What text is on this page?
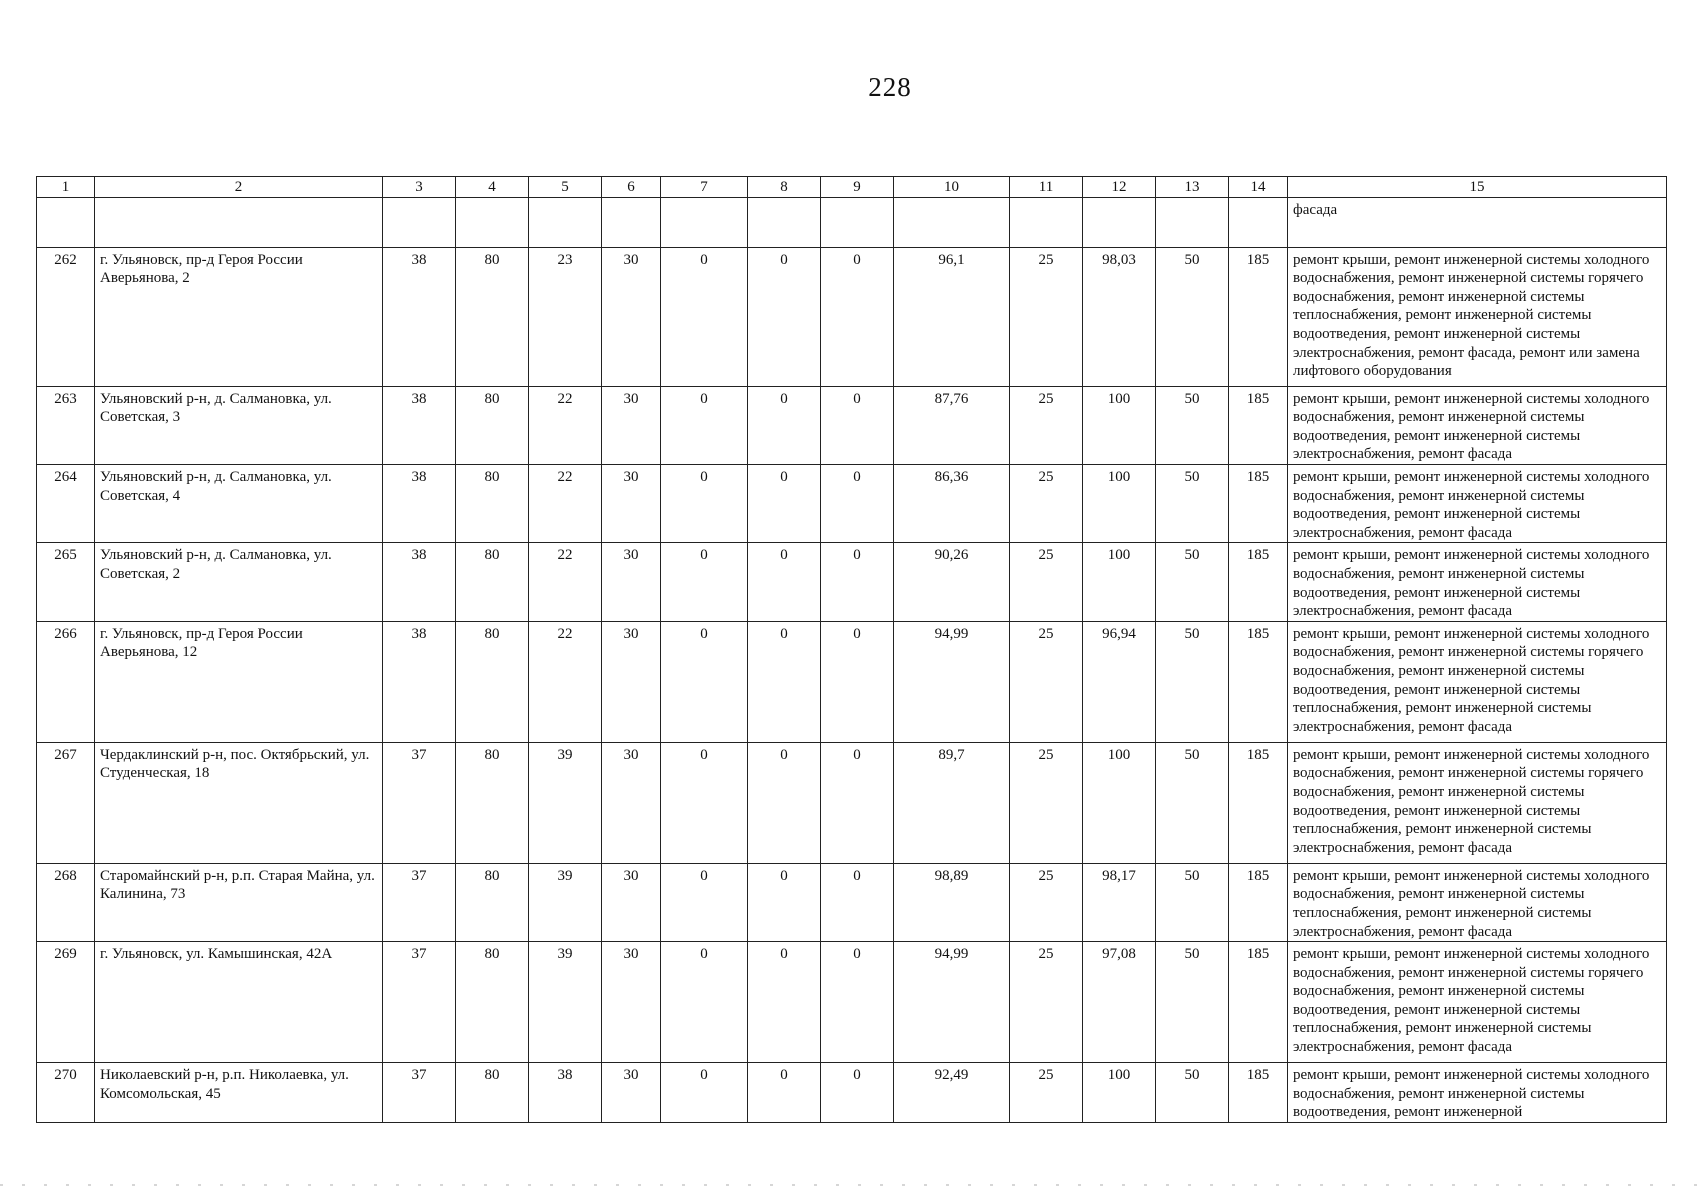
228
1	2	3	4	5	6	7	8	9	10	11	12	13	14	15
														фасада
262	г. Ульяновск, пр-д Героя России Аверьянова, 2	38	80	23	30	0	0	0	96,1	25	98,03	50	185	ремонт крыши, ремонт инженерной системы холодного водоснабжения, ремонт инженерной системы горячего водоснабжения, ремонт инженерной системы теплоснабжения, ремонт инженерной системы водоотведения, ремонт инженерной системы электроснабжения, ремонт фасада, ремонт или замена лифтового оборудования
263	Ульяновский р-н, д. Салмановка, ул. Советская, 3	38	80	22	30	0	0	0	87,76	25	100	50	185	ремонт крыши, ремонт инженерной системы холодного водоснабжения, ремонт инженерной системы водоотведения, ремонт инженерной системы электроснабжения, ремонт фасада
264	Ульяновский р-н, д. Салмановка, ул. Советская, 4	38	80	22	30	0	0	0	86,36	25	100	50	185	ремонт крыши, ремонт инженерной системы холодного водоснабжения, ремонт инженерной системы водоотведения, ремонт инженерной системы электроснабжения, ремонт фасада
265	Ульяновский р-н, д. Салмановка, ул. Советская, 2	38	80	22	30	0	0	0	90,26	25	100	50	185	ремонт крыши, ремонт инженерной системы холодного водоснабжения, ремонт инженерной системы водоотведения, ремонт инженерной системы электроснабжения, ремонт фасада
266	г. Ульяновск, пр-д Героя России Аверьянова, 12	38	80	22	30	0	0	0	94,99	25	96,94	50	185	ремонт крыши, ремонт инженерной системы холодного водоснабжения, ремонт инженерной системы горячего водоснабжения, ремонт инженерной системы водоотведения, ремонт инженерной системы теплоснабжения, ремонт инженерной системы электроснабжения, ремонт фасада
267	Чердаклинский р-н, пос. Октябрьский, ул. Студенческая, 18	37	80	39	30	0	0	0	89,7	25	100	50	185	ремонт крыши, ремонт инженерной системы холодного водоснабжения, ремонт инженерной системы горячего водоснабжения, ремонт инженерной системы водоотведения, ремонт инженерной системы теплоснабжения, ремонт инженерной системы электроснабжения, ремонт фасада
268	Старомайнский р-н, р.п. Старая Майна, ул. Калинина, 73	37	80	39	30	0	0	0	98,89	25	98,17	50	185	ремонт крыши, ремонт инженерной системы холодного водоснабжения, ремонт инженерной системы теплоснабжения, ремонт инженерной системы электроснабжения, ремонт фасада
269	г. Ульяновск, ул. Камышинская, 42А	37	80	39	30	0	0	0	94,99	25	97,08	50	185	ремонт крыши, ремонт инженерной системы холодного водоснабжения, ремонт инженерной системы горячего водоснабжения, ремонт инженерной системы водоотведения, ремонт инженерной системы теплоснабжения, ремонт инженерной системы электроснабжения, ремонт фасада
270	Николаевский р-н, р.п. Николаевка, ул. Комсомольская, 45	37	80	38	30	0	0	0	92,49	25	100	50	185	ремонт крыши, ремонт инженерной системы холодного водоснабжения, ремонт инженерной системы водоотведения, ремонт инженерной
